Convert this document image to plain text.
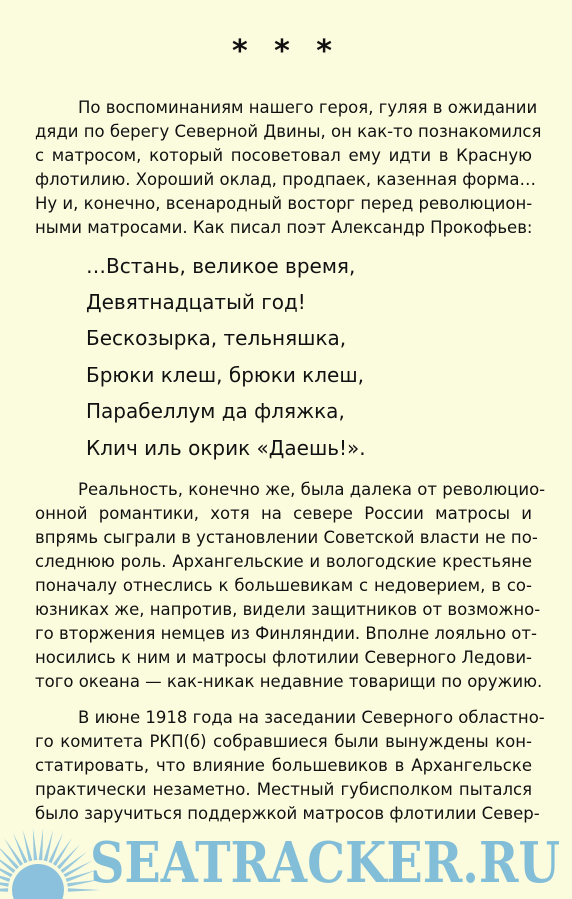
* * *
По воспоминаниям нашего героя, гуляя в ожидании
дяди по берегу Северной Двины, он как-то познакомился
с матросом, который посоветовал ему идти в Красную
флотилию. Хороший оклад, продпаек, казенная форма…
Ну и, конечно, всенародный восторг перед революцион-
ными матросами. Как писал поэт Александр Прокофьев:
…Встань, великое время,
Девятнадцатый год!
Бескозырка, тельняшка,
Брюки клеш, брюки клеш,
Парабеллум да фляжка,
Клич иль окрик «Даешь!».
Реальность, конечно же, была далека от революцио-
онной романтики, хотя на севере России матросы и
впрямь сыграли в установлении Советской власти не по-
следнюю роль. Архангельские и вологодские крестьяне
поначалу отнеслись к большевикам с недоверием, в со-
юзниках же, напротив, видели защитников от возможно-
го вторжения немцев из Финляндии. Вполне лояльно от-
носились к ним и матросы флотилии Северного Ледови-
того океана — как-никак недавние товарищи по оружию.
В июне 1918 года на заседании Северного областно-
го комитета РКП(б) собравшиеся были вынуждены кон-
статировать, что влияние большевиков в Архангельске
практически незаметно. Местный губисполком пытался
было заручиться поддержкой матросов флотилии Север-
SEATRACKER.RU
